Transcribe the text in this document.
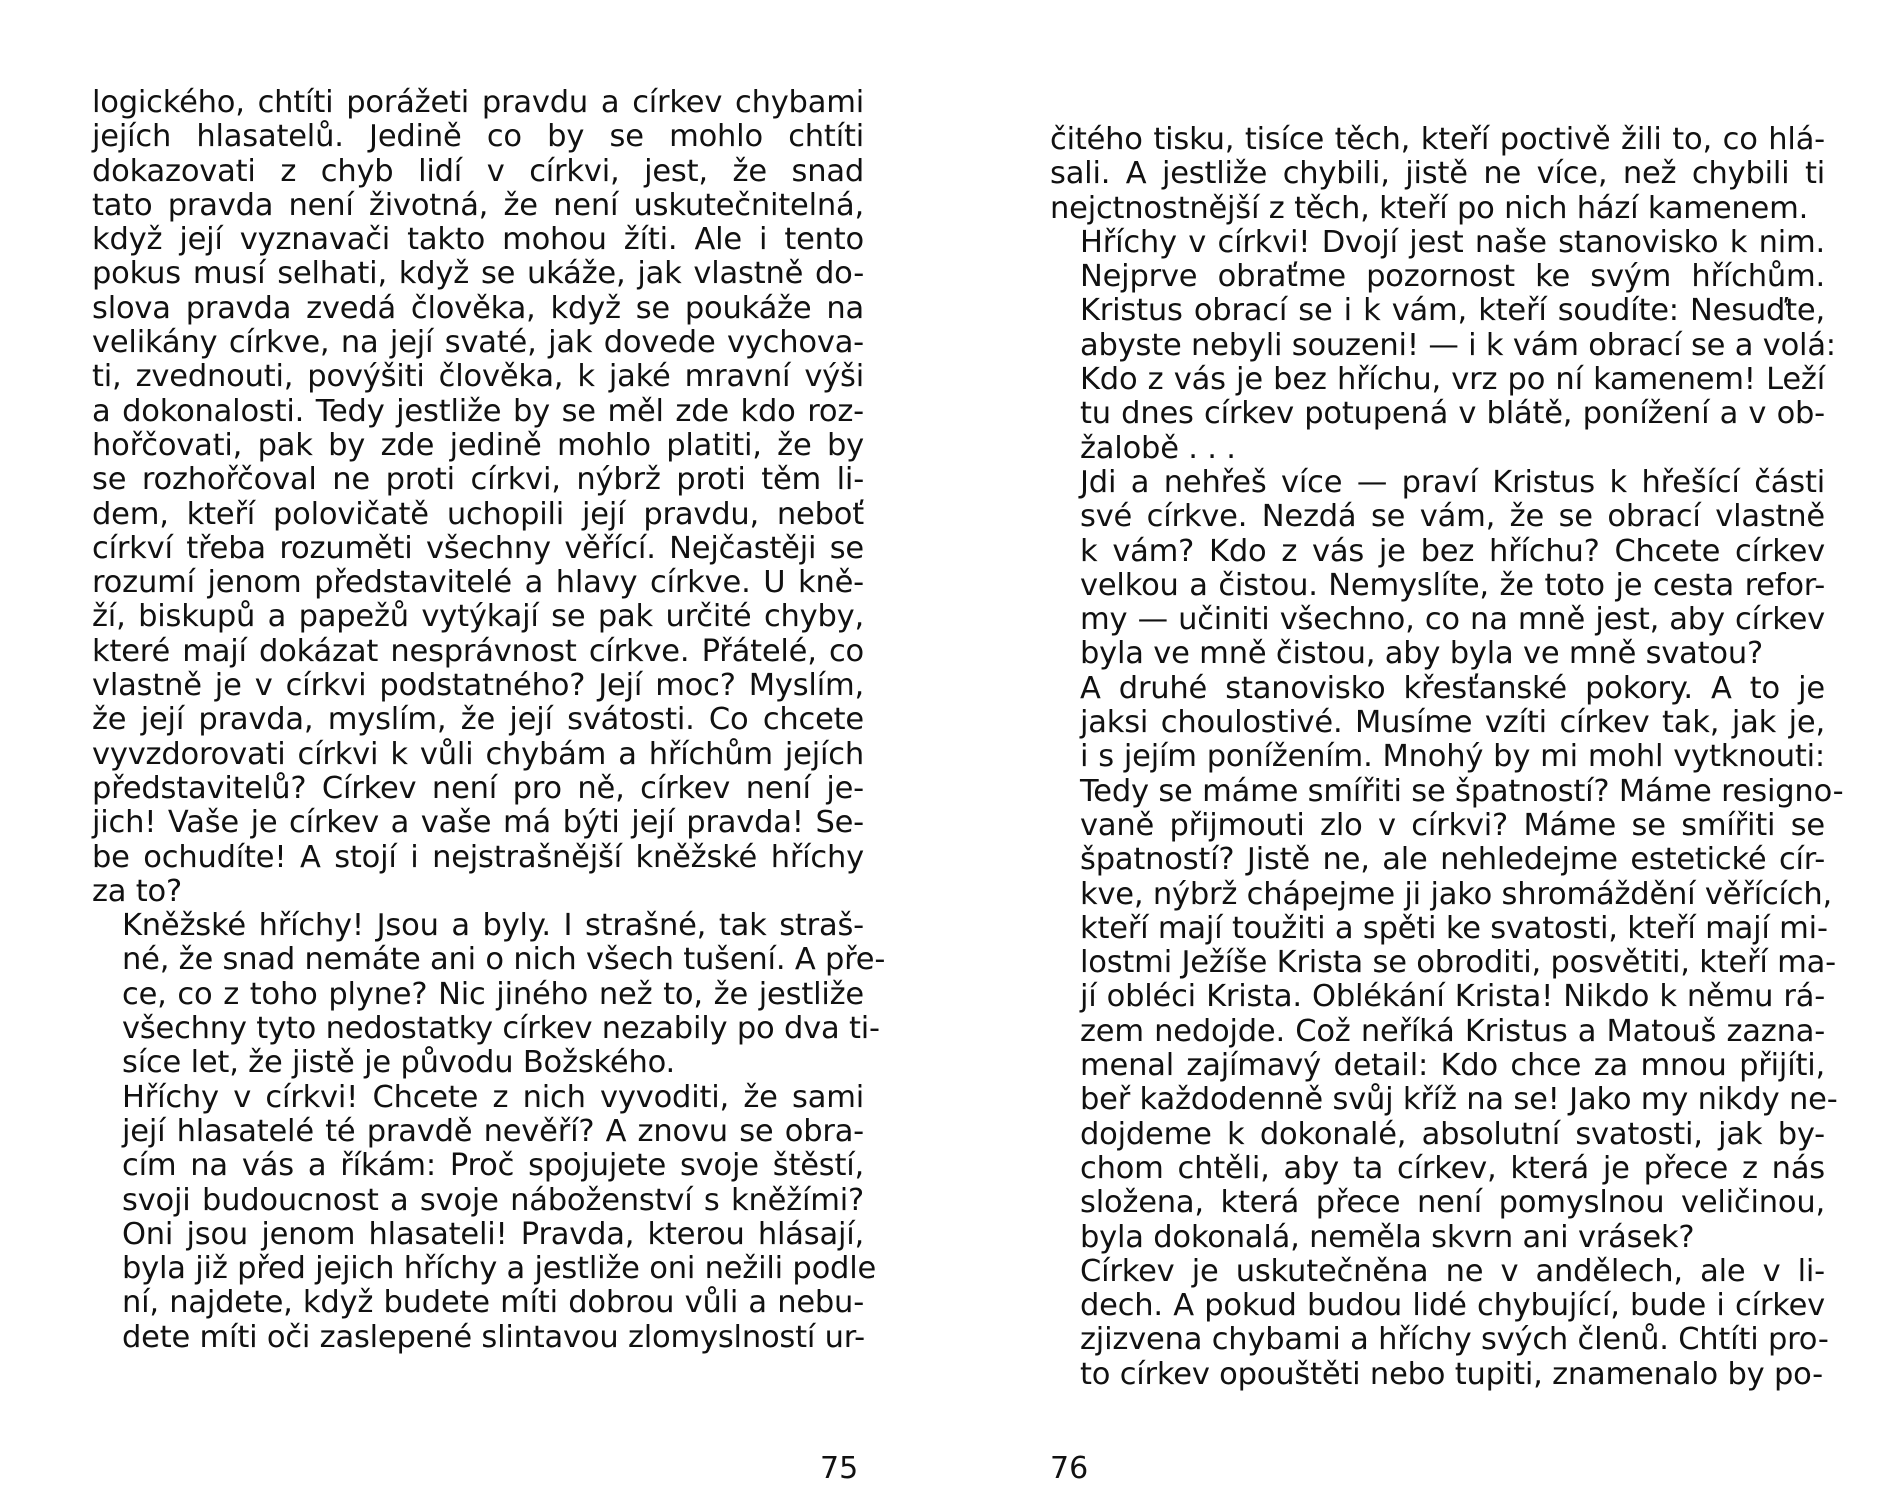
logického, chtíti porážeti pravdu a církev chybami
jejích hlasatelů. Jedině co by se mohlo chtíti
dokazovati z chyb lidí v církvi, jest, že snad
tato pravda není životná, že není uskutečnitelná,
když její vyznavači takto mohou žíti. Ale i tento
pokus musí selhati, když se ukáže, jak vlastně do-
slova pravda zvedá člověka, když se poukáže na
velikány církve, na její svaté, jak dovede vychova-
ti, zvednouti, povýšiti člověka, k jaké mravní výši
a dokonalosti. Tedy jestliže by se měl zde kdo roz-
hořčovati, pak by zde jedině mohlo platiti, že by
se rozhořčoval ne proti církvi, nýbrž proti těm li-
dem, kteří polovičatě uchopili její pravdu, neboť
církví třeba rozuměti všechny věřící. Nejčastěji se
rozumí jenom představitelé a hlavy církve. U kně-
ží, biskupů a papežů vytýkají se pak určité chyby,
které mají dokázat nesprávnost církve. Přátelé, co
vlastně je v církvi podstatného? Její moc? Myslím,
že její pravda, myslím, že její svátosti. Co chcete
vyvzdorovati církvi k vůli chybám a hříchům jejích
představitelů? Církev není pro ně, církev není je-
jich! Vaše je církev a vaše má býti její pravda! Se-
be ochudíte! A stojí i nejstrašnější kněžské hříchy
za to?

Kněžské hříchy! Jsou a byly. I strašné, tak straš-
né, že snad nemáte ani o nich všech tušení. A pře-
ce, co z toho plyne? Nic jiného než to, že jestliže
všechny tyto nedostatky církev nezabily po dva ti-
síce let, že jistě je původu Božského.

Hříchy v církvi! Chcete z nich vyvoditi, že sami
její hlasatelé té pravdě nevěří? A znovu se obra-
cím na vás a říkám: Proč spojujete svoje štěstí,
svoji budoucnost a svoje náboženství s kněžími?
Oni jsou jenom hlasateli! Pravda, kterou hlásají,
byla již před jejich hříchy a jestliže oni nežili podle
ní, najdete, když budete míti dobrou vůli a nebu-
dete míti oči zaslepené slintavou zlomyslností ur-

75

čitého tisku, tisíce těch, kteří poctivě žili to, co hlá-
sali. A jestliže chybili, jistě ne více, než chybili ti
nejctnostnější z těch, kteří po nich hází kamenem.

Hříchy v církvi! Dvojí jest naše stanovisko k nim.
Nejprve obraťme pozornost ke svým hříchům.
Kristus obrací se i k vám, kteří soudíte: Nesuďte,
abyste nebyli souzeni! — i k vám obrací se a volá:
Kdo z vás je bez hříchu, vrz po ní kamenem! Leží
tu dnes církev potupená v blátě, ponížení a v ob-
žalobě . . .

Jdi a nehřeš více — praví Kristus k hřešící části
své církve. Nezdá se vám, že se obrací vlastně
k vám? Kdo z vás je bez hříchu? Chcete církev
velkou a čistou. Nemyslíte, že toto je cesta refor-
my — učiniti všechno, co na mně jest, aby církev
byla ve mně čistou, aby byla ve mně svatou?

A druhé stanovisko křesťanské pokory. A to je
jaksi choulostivé. Musíme vzíti církev tak, jak je,
i s jejím ponížením. Mnohý by mi mohl vytknouti:
Tedy se máme smířiti se špatností? Máme resigno-
vaně přijmouti zlo v církvi? Máme se smířiti se
špatností? Jistě ne, ale nehledejme estetické cír-
kve, nýbrž chápejme ji jako shromáždění věřících,
kteří mají toužiti a spěti ke svatosti, kteří mají mi-
lostmi Ježíše Krista se obroditi, posvětiti, kteří ma-
jí obléci Krista. Oblékání Krista! Nikdo k němu rá-
zem nedojde. Což neříká Kristus a Matouš zazna-
menal zajímavý detail: Kdo chce za mnou přijíti,
beř každodenně svůj kříž na se! Jako my nikdy ne-
dojdeme k dokonalé, absolutní svatosti, jak by-
chom chtěli, aby ta církev, která je přece z nás
složena, která přece není pomyslnou veličinou,
byla dokonalá, neměla skvrn ani vrásek?

Církev je uskutečněna ne v andělech, ale v li-
dech. A pokud budou lidé chybující, bude i církev
zjizvena chybami a hříchy svých členů. Chtíti pro-
to církev opouštěti nebo tupiti, znamenalo by po-

76
